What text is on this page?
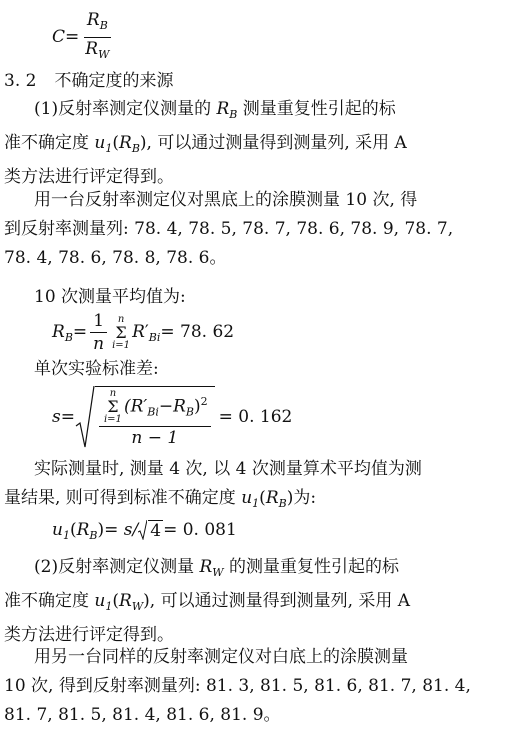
$C= \frac{R_B}{R_W}$
3. 2 不确定度的来源
(1)反射率测定仪测量的 $R_B$ 测量重复性引起的标
准不确定度 $u_1(R_B)$, 可以通过测量得到测量列, 采用 A
类方法进行评定得到。
用一台反射率测定仪对黑底上的涂膜测量 10 次, 得
到反射率测量列: 78. 4, 78. 5, 78. 7, 78. 6, 78. 9, 78. 7,
78. 4, 78. 6, 78. 8, 78. 6。
10 次测量平均值为:
$R_B= \frac{1}{n}$ n
Σ
i=1
$R'_{Bi}= 78$. 62
单次实验标准差:
s = n
Σ
i=1
$(R'_{Bi}-R_B)^2$
n − 1 = 0. 162
实际测量时, 测量 4 次, 以 4 次测量算术平均值为测
量结果, 则可得到标准不确定度 $u_1(R_B)$为:
$u_1(R_B)= s/$ 4 = 0. 081
(2)反射率测定仪测量 $R_W$ 的测量重复性引起的标
准不确定度 $u_1(R_W)$, 可以通过测量得到测量列, 采用 A
类方法进行评定得到。
用另一台同样的反射率测定仪对白底上的涂膜测量
10 次, 得到反射率测量列: 81. 3, 81. 5, 81. 6, 81. 7, 81. 4,
81. 7, 81. 5, 81. 4, 81. 6, 81. 9。
